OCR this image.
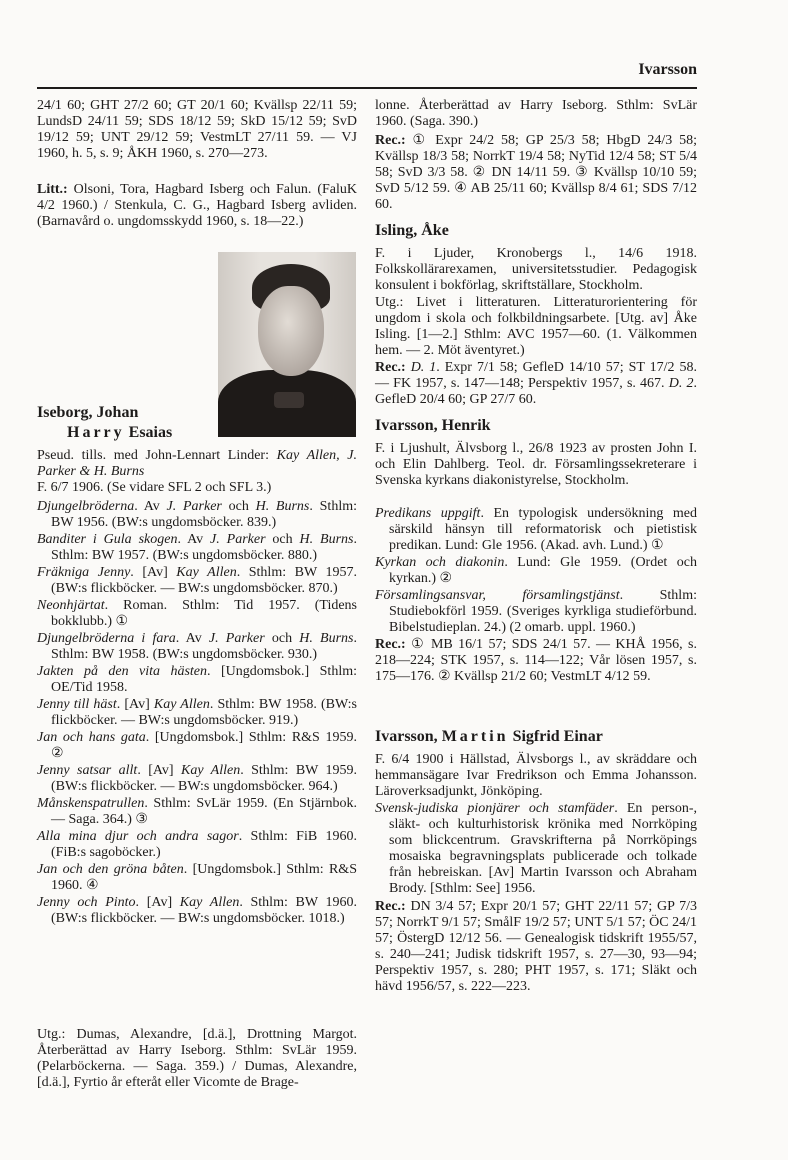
Ivarsson

24/1 60; GHT 27/2 60; GT 20/1 60; Kvällsp 22/11 59; LundsD 24/11 59; SDS 18/12 59; SkD 15/12 59; SvD 19/12 59; UNT 29/12 59; VestmLT 27/11 59. — VJ 1960, h. 5, s. 9; ÅKH 1960, s. 270—273.

Litt.: Olsoni, Tora, Hagbard Isberg och Falun. (FaluK 4/2 1960.) / Stenkula, C. G., Hagbard Isberg avliden. (Barnavård o. ungdomsskydd 1960, s. 18—22.)

Iseborg, Johan
Harry Esaias

Pseud. tills. med John-Lennart Linder: Kay Allen, J. Parker & H. Burns

F. 6/7 1906. (Se vidare SFL 2 och SFL 3.)

Djungelbröderna. Av J. Parker och H. Burns. Sthlm: BW 1956. (BW:s ungdomsböcker. 839.)

Banditer i Gula skogen. Av J. Parker och H. Burns. Sthlm: BW 1957. (BW:s ungdomsböcker. 880.)

Fräkniga Jenny. [Av] Kay Allen. Sthlm: BW 1957. (BW:s flickböcker. — BW:s ungdomsböcker. 870.)

Neonhjärtat. Roman. Sthlm: Tid 1957. (Tidens bokklubb.) ①

Djungelbröderna i fara. Av J. Parker och H. Burns. Sthlm: BW 1958. (BW:s ungdomsböcker. 930.)

Jakten på den vita hästen. [Ungdomsbok.] Sthlm: OE/Tid 1958.

Jenny till häst. [Av] Kay Allen. Sthlm: BW 1958. (BW:s flickböcker. — BW:s ungdomsböcker. 919.)

Jan och hans gata. [Ungdomsbok.] Sthlm: R&S 1959. ②

Jenny satsar allt. [Av] Kay Allen. Sthlm: BW 1959. (BW:s flickböcker. — BW:s ungdomsböcker. 964.)

Månskenspatrullen. Sthlm: SvLär 1959. (En Stjärnbok. — Saga. 364.) ③

Alla mina djur och andra sagor. Sthlm: FiB 1960. (FiB:s sagoböcker.)

Jan och den gröna båten. [Ungdomsbok.] Sthlm: R&S 1960. ④

Jenny och Pinto. [Av] Kay Allen. Sthlm: BW 1960. (BW:s flickböcker. — BW:s ungdomsböcker. 1018.)

Utg.: Dumas, Alexandre, [d.ä.], Drottning Margot. Återberättad av Harry Iseborg. Sthlm: SvLär 1959. (Pelarböckerna. — Saga. 359.) / Dumas, Alexandre, [d.ä.], Fyrtio år efteråt eller Vicomte de Brage-

lonne. Återberättad av Harry Iseborg. Sthlm: SvLär 1960. (Saga. 390.)

Rec.: ① Expr 24/2 58; GP 25/3 58; HbgD 24/3 58; Kvällsp 18/3 58; NorrkT 19/4 58; NyTid 12/4 58; ST 5/4 58; SvD 3/3 58. ② DN 14/11 59. ③ Kvällsp 10/10 59; SvD 5/12 59. ④ AB 25/11 60; Kvällsp 8/4 61; SDS 7/12 60.

Isling, Åke

F. i Ljuder, Kronobergs l., 14/6 1918. Folkskollärarexamen, universitetsstudier. Pedagogisk konsulent i bokförlag, skriftställare, Stockholm.

Utg.: Livet i litteraturen. Litteraturorientering för ungdom i skola och folkbildningsarbete. [Utg. av] Åke Isling. [1—2.] Sthlm: AVC 1957—60. (1. Välkommen hem. — 2. Möt äventyret.)

Rec.: D. 1. Expr 7/1 58; GefleD 14/10 57; ST 17/2 58. — FK 1957, s. 147—148; Perspektiv 1957, s. 467. D. 2. GefleD 20/4 60; GP 27/7 60.

Ivarsson, Henrik

F. i Ljushult, Älvsborg l., 26/8 1923 av prosten John I. och Elin Dahlberg. Teol. dr. Församlingssekreterare i Svenska kyrkans diakonistyrelse, Stockholm.

Predikans uppgift. En typologisk undersökning med särskild hänsyn till reformatorisk och pietistisk predikan. Lund: Gle 1956. (Akad. avh. Lund.) ①

Kyrkan och diakonin. Lund: Gle 1959. (Ordet och kyrkan.) ②

Församlingsansvar, församlingstjänst. Sthlm: Studiebokförl 1959. (Sveriges kyrkliga studieförbund. Bibelstudieplan. 24.) (2 omarb. uppl. 1960.)

Rec.: ① MB 16/1 57; SDS 24/1 57. — KHÅ 1956, s. 218—224; STK 1957, s. 114—122; Vår lösen 1957, s. 175—176. ② Kvällsp 21/2 60; VestmLT 4/12 59.

Ivarsson, Martin Sigfrid Einar

F. 6/4 1900 i Hällstad, Älvsborgs l., av skräddare och hemmansägare Ivar Fredrikson och Emma Johansson. Läroverksadjunkt, Jönköping.

Svensk-judiska pionjärer och stamfäder. En person-, släkt- och kulturhistorisk krönika med Norrköping som blickcentrum. Gravskrifterna på Norrköpings mosaiska begravningsplats publicerade och tolkade från hebreiskan. [Av] Martin Ivarsson och Abraham Brody. [Sthlm: See] 1956.

Rec.: DN 3/4 57; Expr 20/1 57; GHT 22/11 57; GP 7/3 57; NorrkT 9/1 57; SmålF 19/2 57; UNT 5/1 57; ÖC 24/1 57; ÖstergD 12/12 56. — Genealogisk tidskrift 1955/57, s. 240—241; Judisk tidskrift 1957, s. 27—30, 93—94; Perspektiv 1957, s. 280; PHT 1957, s. 171; Släkt och hävd 1956/57, s. 222—223.
